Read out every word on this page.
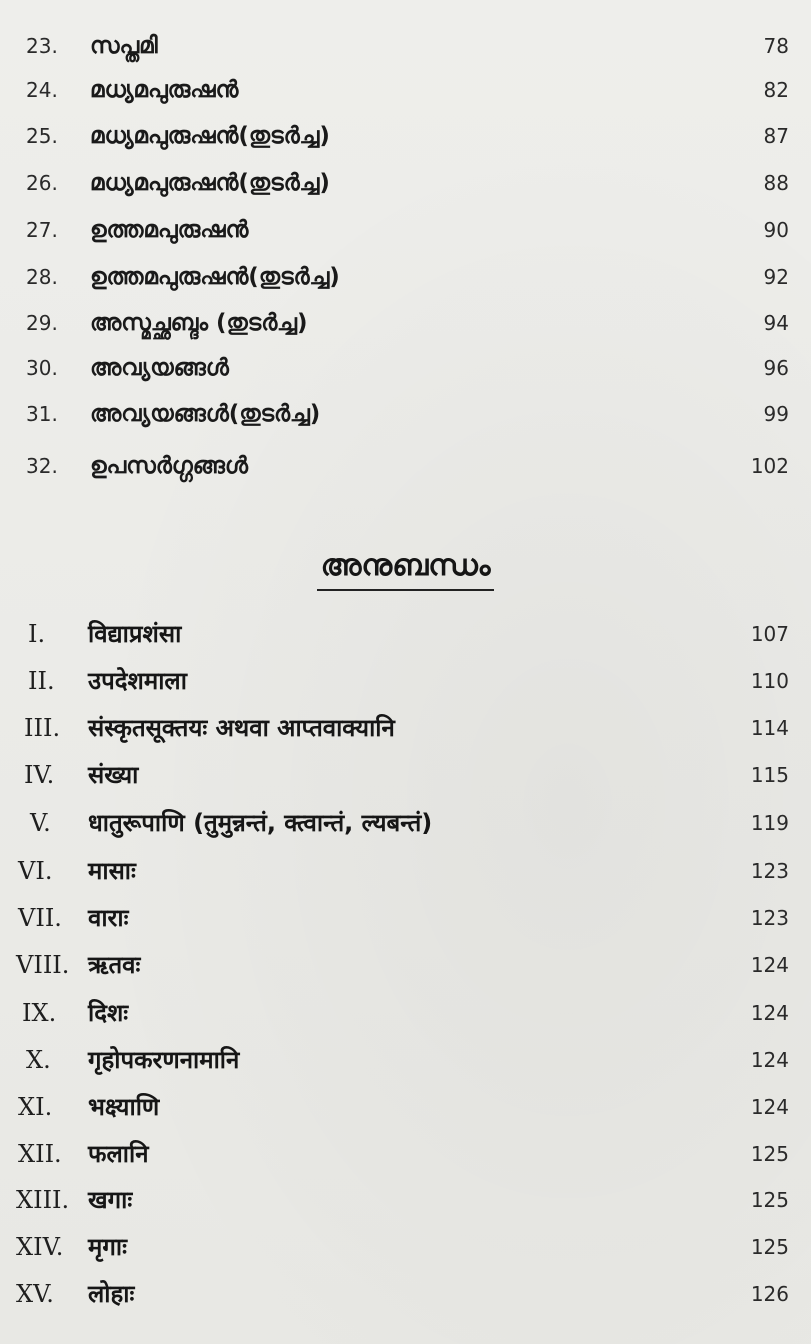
23. സപ്തമി	78
24. മധ്യമപുരുഷൻ	82
25. മധ്യമപുരുഷൻ(തുടർച്ച)	87
26. മധ്യമപുരുഷൻ(തുടർച്ച)	88
27. ഉത്തമപുരുഷൻ	90
28. ഉത്തമപുരുഷൻ(തുടർച്ച)	92
29. അസ്മച്ഛബ്ദം (തുടർച്ച)	94
30. അവ്യയങ്ങൾ	96
31. അവ്യയങ്ങൾ(തുടർച്ച)	99
32. ഉപസർഗ്ഗങ്ങൾ	102
അനുബന്ധം
I. विद्याप्रशंसा	107
II. उपदेशमाला	110
III. संस्कृतसूक्तयः अथवा आप्तवाक्यानि	114
IV. संख्या	115
V. धातुरूपाणि (तुमुन्नन्तं, क्त्वान्तं, ल्यबन्तं)	119
VI. मासाः	123
VII. वाराः	123
VIII. ऋतवः	124
IX. दिशः	124
X. गृहोपकरणनामानि	124
XI. भक्ष्याणि	124
XII. फलानि	125
XIII. खगाः	125
XIV. मृगाः	125
XV. लोहाः	126
